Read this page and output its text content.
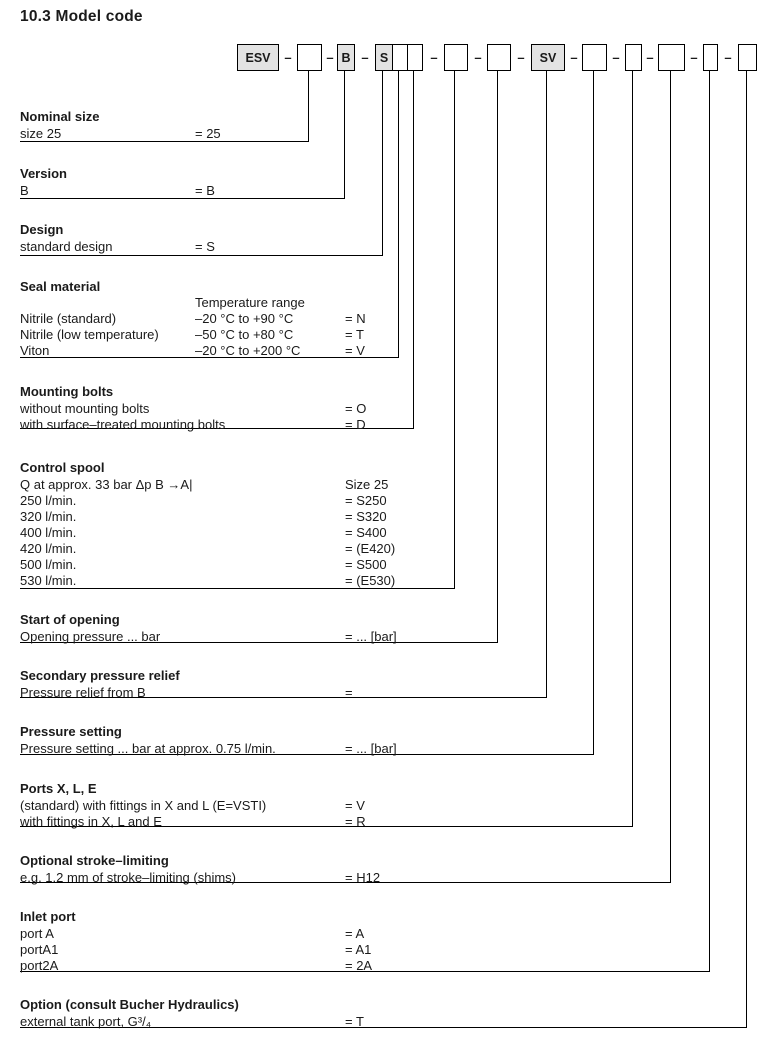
10.3 Model code
ESV	–	– B – S	–	–	–	SV	–	– –	– –
Nominal size
size 25	= 25
Version
B	= B
Design
standard design	= S
Seal material
Temperature range
Nitrile (standard)	–20 °C to +90 °C	= N
Nitrile (low temperature)	–50 °C to +80 °C	= T
Viton	–20 °C to +200 °C	= V
Mounting bolts
without mounting bolts	= O
with surface–treated mounting bolts	= D
Control spool
Q at approx. 33 bar Δp B →A|	Size 25
250 l/min.	= S250
320 l/min.	= S320
400 l/min.	= S400
420 l/min.	= (E420)
500 l/min.	= S500
530 l/min.	= (E530)
Start of opening
Opening pressure ... bar	= ... [bar]
Secondary pressure relief
Pressure relief from B	=
Pressure setting
Pressure setting ... bar at approx. 0.75 l/min.	= ... [bar]
Ports X, L, E
(standard) with fittings in X and L (E=VSTI)	= V
with fittings in X, L and E	= R
Optional stroke–limiting
e.g. 1.2 mm of stroke–limiting (shims)	= H12
Inlet port
port A	= A
portA1	= A1
port2A	= 2A
Option (consult Bucher Hydraulics)
external tank port, G³/₄	= T
